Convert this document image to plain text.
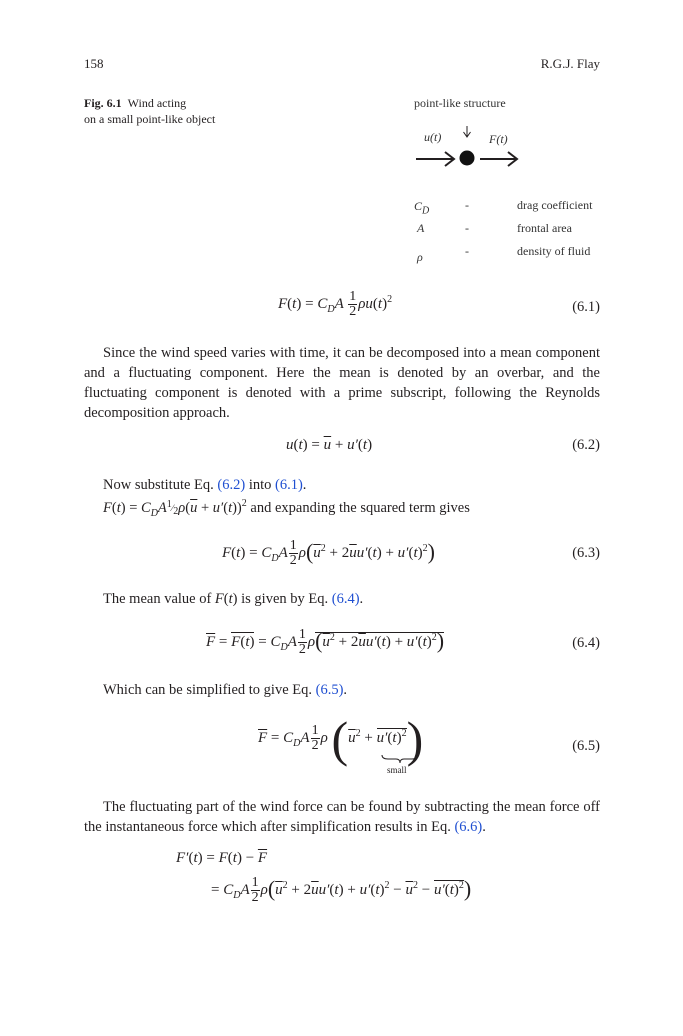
158	R.G.J. Flay
Fig. 6.1 Wind acting
on a small point-like object
point-like structure
u(t)	F(t)
$C_D$	-	drag coefficient
A	-	frontal area
ρ	-	density of fluid
$F(t) = C_DA \frac{1}{2} \rho u(t)^2$	(6.1)
Since the wind speed varies with time, it can be decomposed into a mean component and a fluctuating component. Here the mean is denoted by an overbar, and the fluctuating component is denoted with a prime subscript, following the Reynolds decomposition approach.
$u(t) = \overline{u} + u'(t)$	(6.2)
Now substitute Eq. (6.2) into (6.1).
$F(t) = C_DA^1⁄_2\rho(\overline{u} + u'(t))^2$ and expanding the squared term gives
$F(t) = C_DA \frac{1}{2} \rho(\overline{u}^2 + 2\overline{u}u'(t) + u'(t)^2)$	(6.3)
The mean value of F(t) is given by Eq. (6.4).
$\overline{F} = F(t) = C_DA \frac{1}{2} \rho(\overline{u}^2 + 2\overline{u}u'(t) + u'(t)^2)$	(6.4)
Which can be simplified to give Eq. (6.5).
$\overline{F} = C_DA \frac{1}{2}$ ρ $(\overline{u}^2 + u'(t)^2)$
small
(6.5)
The fluctuating part of the wind force can be found by subtracting the mean force off the instantaneous force which after simplification results in Eq. (6.6).
$F'(t) = F(t) - \overline{F}$
= $C_DA \frac{1}{2} \rho(\overline{u}^2 + 2\overline{u}u'(t) + u'(t)^2 - \overline{u}^2 - u'(t)^2)$
